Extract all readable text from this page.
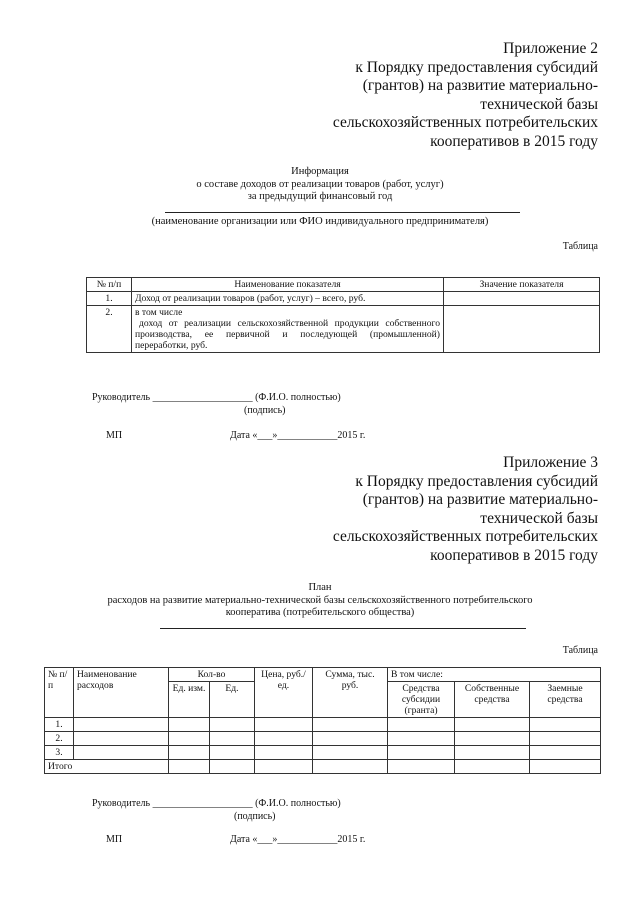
Приложение 2
к Порядку предоставления субсидий
(грантов) на развитие материально-
технической базы
сельскохозяйственных потребительских
кооперативов в 2015 году
Информация
о составе доходов от реализации товаров (работ, услуг)
за предыдущий финансовый год
(наименование организации или ФИО индивидуального предпринимателя)
Таблица
№ п/п	Наименование показателя	Значение показателя
1.	Доход от реализации товаров (работ, услуг) – всего, руб.	
2.	в том числе
доход от реализации сельскохозяйственной продукции собственного производства, ее первичной и последующей (промышленной) переработки, руб.	

Руководитель ____________________ (Ф.И.О. полностью)
(подпись)
МП	Дата «___»____________2015 г.
Приложение 3
к Порядку предоставления субсидий
(грантов) на развитие материально-
технической базы
сельскохозяйственных потребительских
кооперативов в 2015 году
План
расходов на развитие материально-технической базы сельскохозяйственного потребительского
кооператива (потребительского общества)
Таблица
№ п/п	Наименование расходов	Кол-во		Цена, руб./ед.	Сумма, тыс. руб.	В том числе:		
		Ед. изм.	Ед.			Средства субсидии (гранта)	Собственные средства	Заемные средства
1.								
2.								
3.								
Итого								
Руководитель ____________________ (Ф.И.О. полностью)
(подпись)
МП	Дата «___»____________2015 г.
